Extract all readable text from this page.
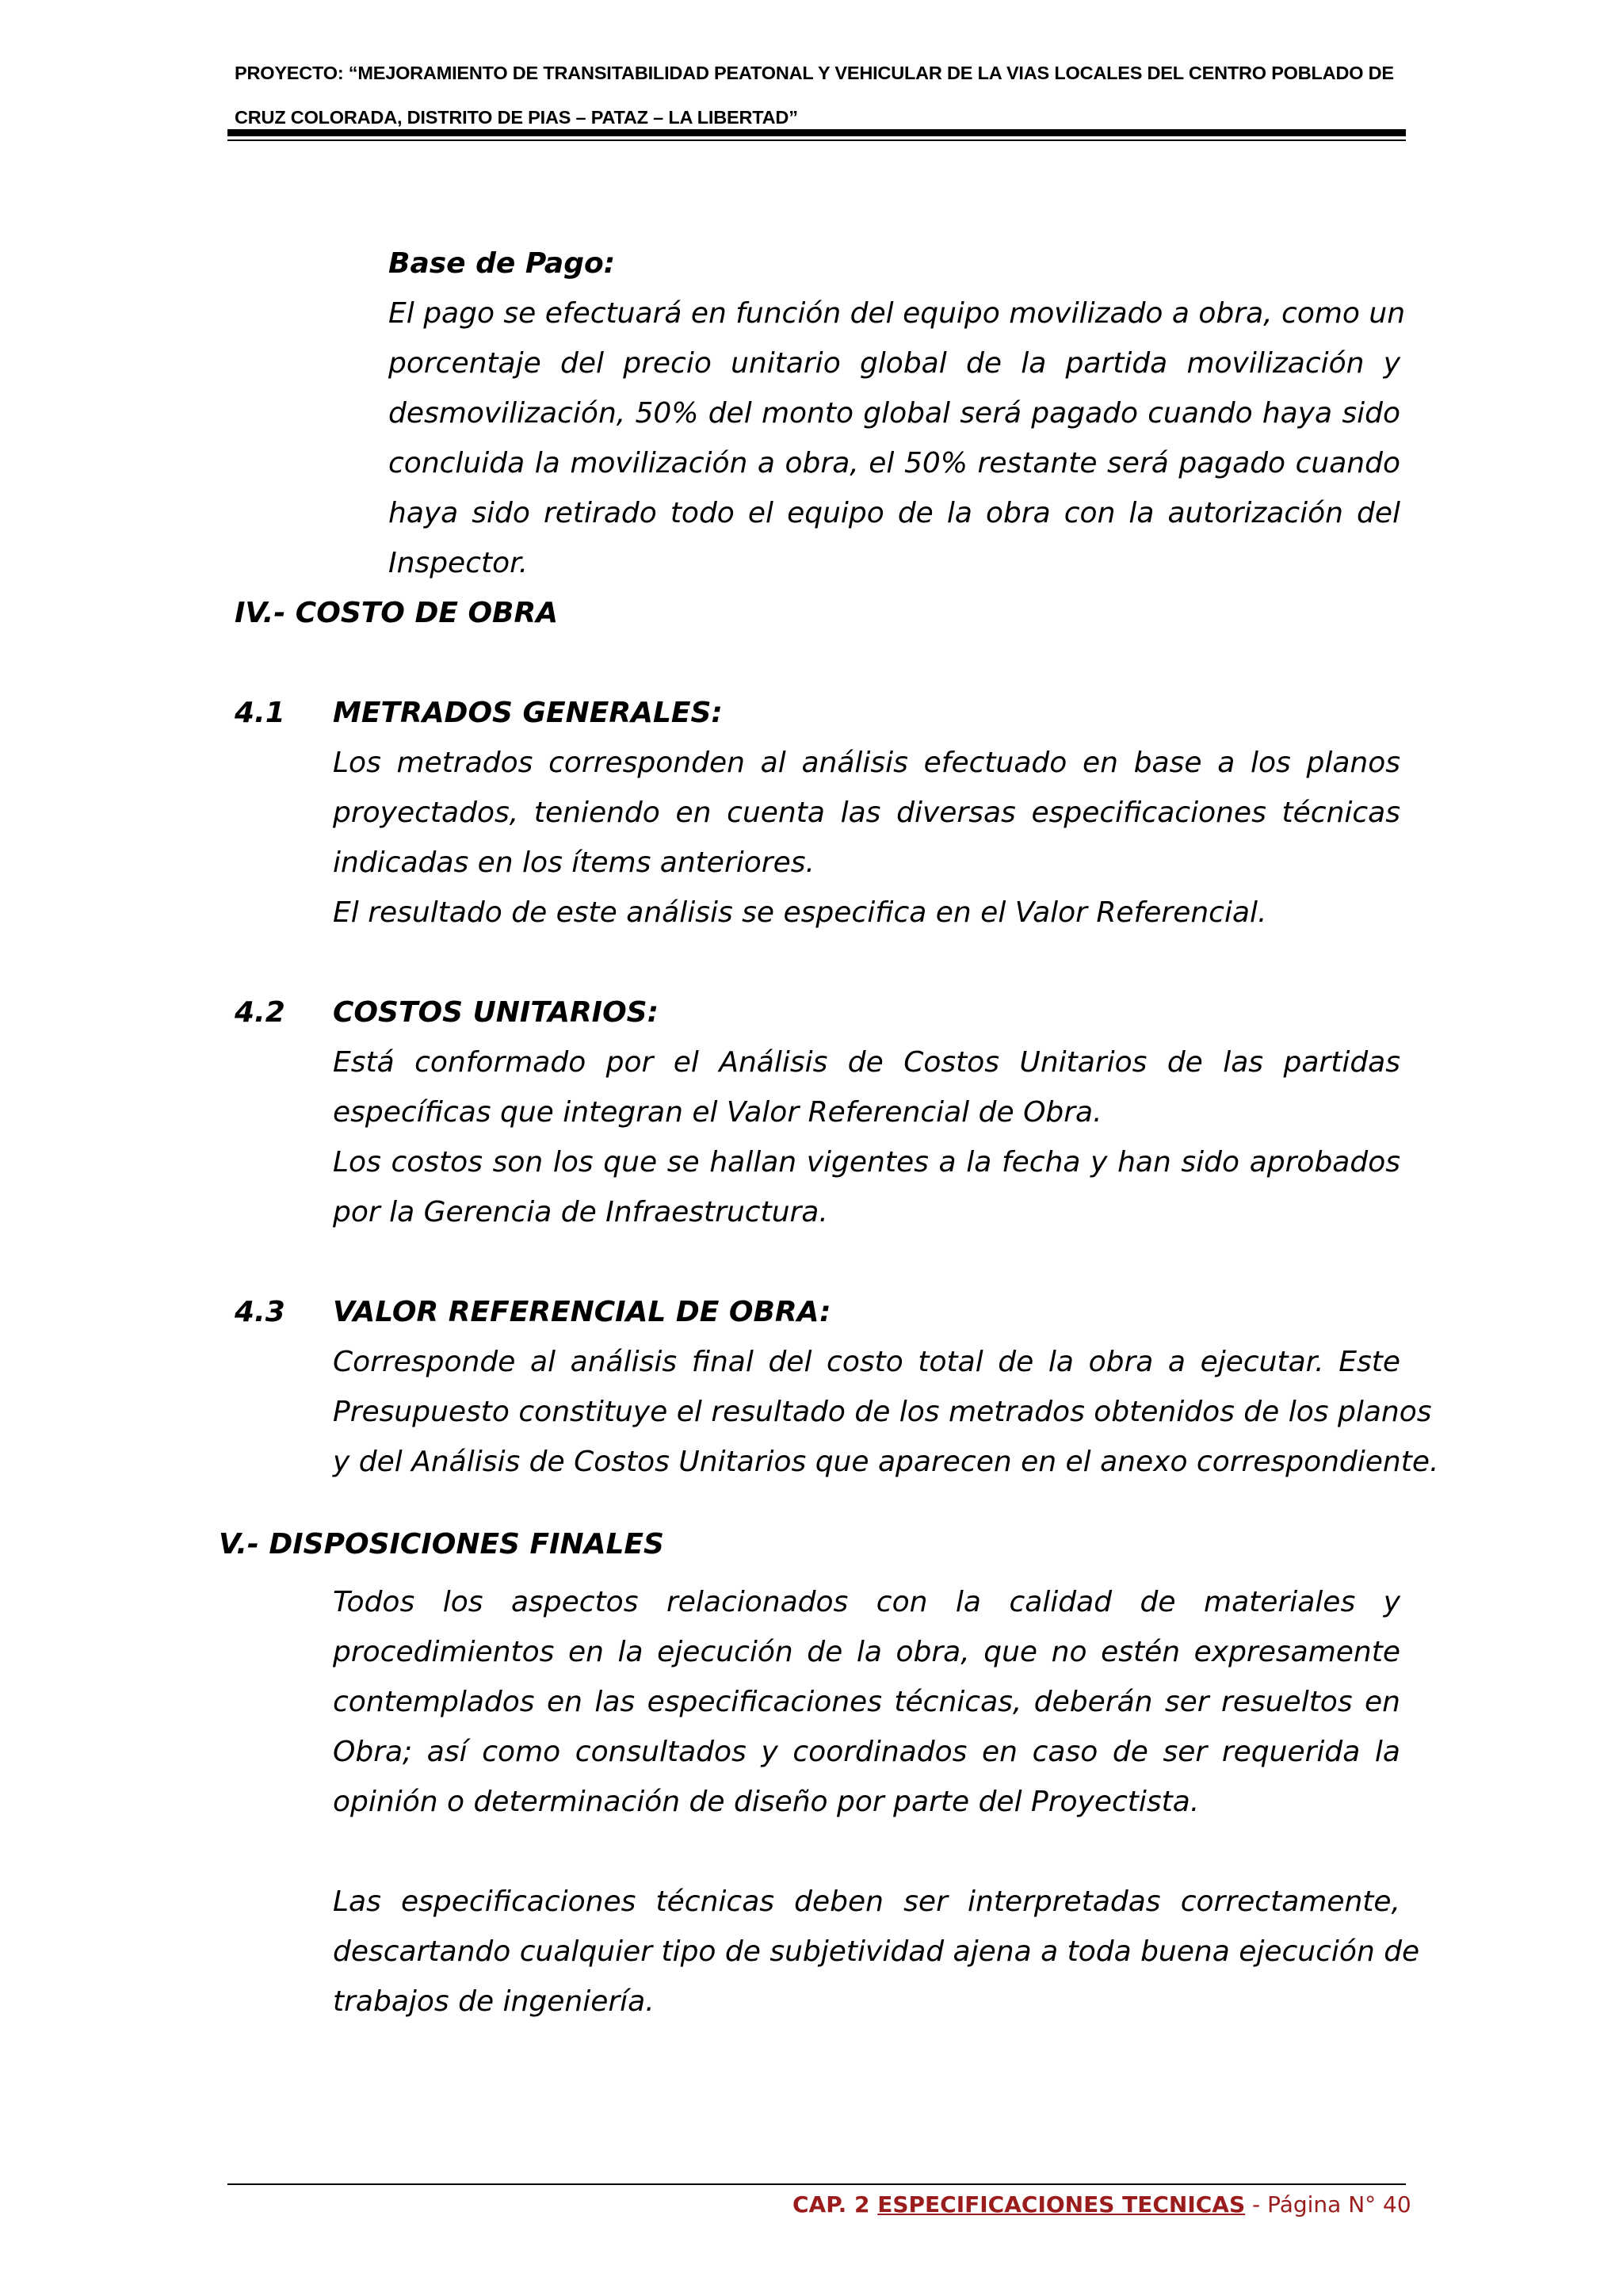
PROYECTO: “MEJORAMIENTO DE TRANSITABILIDAD PEATONAL Y VEHICULAR DE LA VIAS LOCALES DEL CENTRO POBLADO DE
CRUZ COLORADA, DISTRITO DE PIAS – PATAZ – LA LIBERTAD”
Base de Pago:
El pago se efectuará en función del equipo movilizado a obra, como un
porcentaje del precio unitario global de la partida movilización y
desmovilización, 50% del monto global será pagado cuando haya sido
concluida la movilización a obra, el 50% restante será pagado cuando
haya sido retirado todo el equipo de la obra con la autorización del
Inspector.
IV.- COSTO DE OBRA
4.1 METRADOS GENERALES:
Los metrados corresponden al análisis efectuado en base a los planos
proyectados, teniendo en cuenta las diversas especificaciones técnicas
indicadas en los ítems anteriores.
El resultado de este análisis se especifica en el Valor Referencial.
4.2 COSTOS UNITARIOS:
Está conformado por el Análisis de Costos Unitarios de las partidas
específicas que integran el Valor Referencial de Obra.
Los costos son los que se hallan vigentes a la fecha y han sido aprobados
por la Gerencia de Infraestructura.
4.3 VALOR REFERENCIAL DE OBRA:
Corresponde al análisis final del costo total de la obra a ejecutar. Este
Presupuesto constituye el resultado de los metrados obtenidos de los planos
y del Análisis de Costos Unitarios que aparecen en el anexo correspondiente.
V.- DISPOSICIONES FINALES
Todos los aspectos relacionados con la calidad de materiales y
procedimientos en la ejecución de la obra, que no estén expresamente
contemplados en las especificaciones técnicas, deberán ser resueltos en
Obra; así como consultados y coordinados en caso de ser requerida la
opinión o determinación de diseño por parte del Proyectista.
Las especificaciones técnicas deben ser interpretadas correctamente,
descartando cualquier tipo de subjetividad ajena a toda buena ejecución de
trabajos de ingeniería.
CAP. 2 ESPECIFICACIONES TECNICAS - Página N° 40
